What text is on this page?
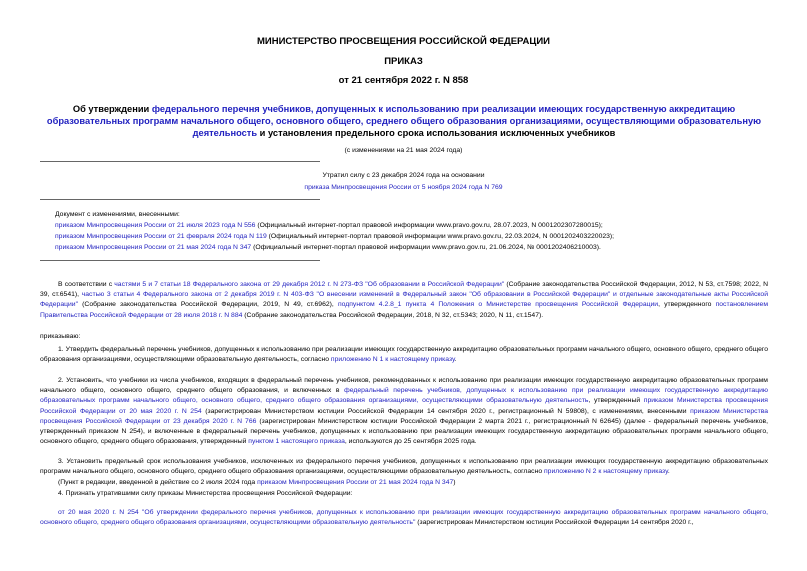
МИНИСТЕРСТВО ПРОСВЕЩЕНИЯ РОССИЙСКОЙ ФЕДЕРАЦИИ
ПРИКАЗ
от 21 сентября 2022 г. N 858
Об утверждении федерального перечня учебников, допущенных к использованию при реализации имеющих государственную аккредитацию образовательных программ начального общего, основного общего, среднего общего образования организациями, осуществляющими образовательную деятельность и установления предельного срока использования исключенных учебников
(с изменениями на 21 мая 2024 года)
Утратил силу с 23 декабря 2024 года на основании
приказа Минпросвещения России от 5 ноября 2024 года N 769
Документ с изменениями, внесенными:
приказом Минпросвещения России от 21 июля 2023 года N 556 (Официальный интернет-портал правовой информации www.pravo.gov.ru, 28.07.2023, N 0001202307280015);
приказом Минпросвещения России от 21 февраля 2024 года N 119 (Официальный интернет-портал правовой информации www.pravo.gov.ru, 22.03.2024, N 0001202403220023);
приказом Минпросвещения России от 21 мая 2024 года N 347 (Официальный интернет-портал правовой информации www.pravo.gov.ru, 21.06.2024, № 0001202406210003).
В соответствии с частями 5 и 7 статьи 18 Федерального закона от 29 декабря 2012 г. N 273-ФЗ "Об образовании в Российской Федерации" (Собрание законодательства Российской Федерации, 2012, N 53, ст.7598; 2022, N 39, ст.6541), частью 3 статьи 4 Федерального закона от 2 декабря 2019 г. N 403-ФЗ "О внесении изменений в Федеральный закон "Об образовании в Российской Федерации" и отдельные законодательные акты Российской Федерации" (Собрание законодательства Российской Федерации, 2019, N 49, ст.6962), подпунктом 4.2.8_1 пункта 4 Положения о Министерстве просвещения Российской Федерации, утвержденного постановлением Правительства Российской Федерации от 28 июля 2018 г. N 884 (Собрание законодательства Российской Федерации, 2018, N 32, ст.5343; 2020, N 11, ст.1547).
приказываю:
1. Утвердить федеральный перечень учебников, допущенных к использованию при реализации имеющих государственную аккредитацию образовательных программ начального общего, основного общего, среднего общего образования организациями, осуществляющими образовательную деятельность, согласно приложению N 1 к настоящему приказу.
2. Установить, что учебники из числа учебников, входящих в федеральный перечень учебников, рекомендованных к использованию при реализации имеющих государственную аккредитацию образовательных программ начального общего, основного общего, среднего общего образования, и включенных в федеральный перечень учебников, допущенных к использованию при реализации имеющих государственную аккредитацию образовательных программ начального общего, основного общего, среднего общего образования организациями, осуществляющими образовательную деятельность, утвержденный приказом Министерства просвещения Российской Федерации от 20 мая 2020 г. N 254 (зарегистрирован Министерством юстиции Российской Федерации 14 сентября 2020 г., регистрационный N 59808), с изменениями, внесенными приказом Министерства просвещения Российской Федерации от 23 декабря 2020 г. N 766 (зарегистрирован Министерством юстиции Российской Федерации 2 марта 2021 г., регистрационный N 62645) (далее - федеральный перечень учебников, утвержденный приказом N 254), и включенные в федеральный перечень учебников, допущенных к использованию при реализации имеющих государственную аккредитацию образовательных программ начального общего, основного общего, среднего общего образования, утвержденный пунктом 1 настоящего приказа, используются до 25 сентября 2025 года.
3. Установить предельный срок использования учебников, исключенных из федерального перечня учебников, допущенных к использованию при реализации имеющих государственную аккредитацию образовательных программ начального общего, основного общего, среднего общего образования организациями, осуществляющими образовательную деятельность, согласно приложению N 2 к настоящему приказу.
(Пункт в редакции, введенной в действие со 2 июля 2024 года приказом Минпросвещения России от 21 мая 2024 года N 347)
4. Признать утратившими силу приказы Министерства просвещения Российской Федерации:
от 20 мая 2020 г. N 254 "Об утверждении федерального перечня учебников, допущенных к использованию при реализации имеющих государственную аккредитацию образовательных программ начального общего, основного общего, среднего общего образования организациями, осуществляющими образовательную деятельность" (зарегистрирован Министерством юстиции Российской Федерации 14 сентября 2020 г.,
